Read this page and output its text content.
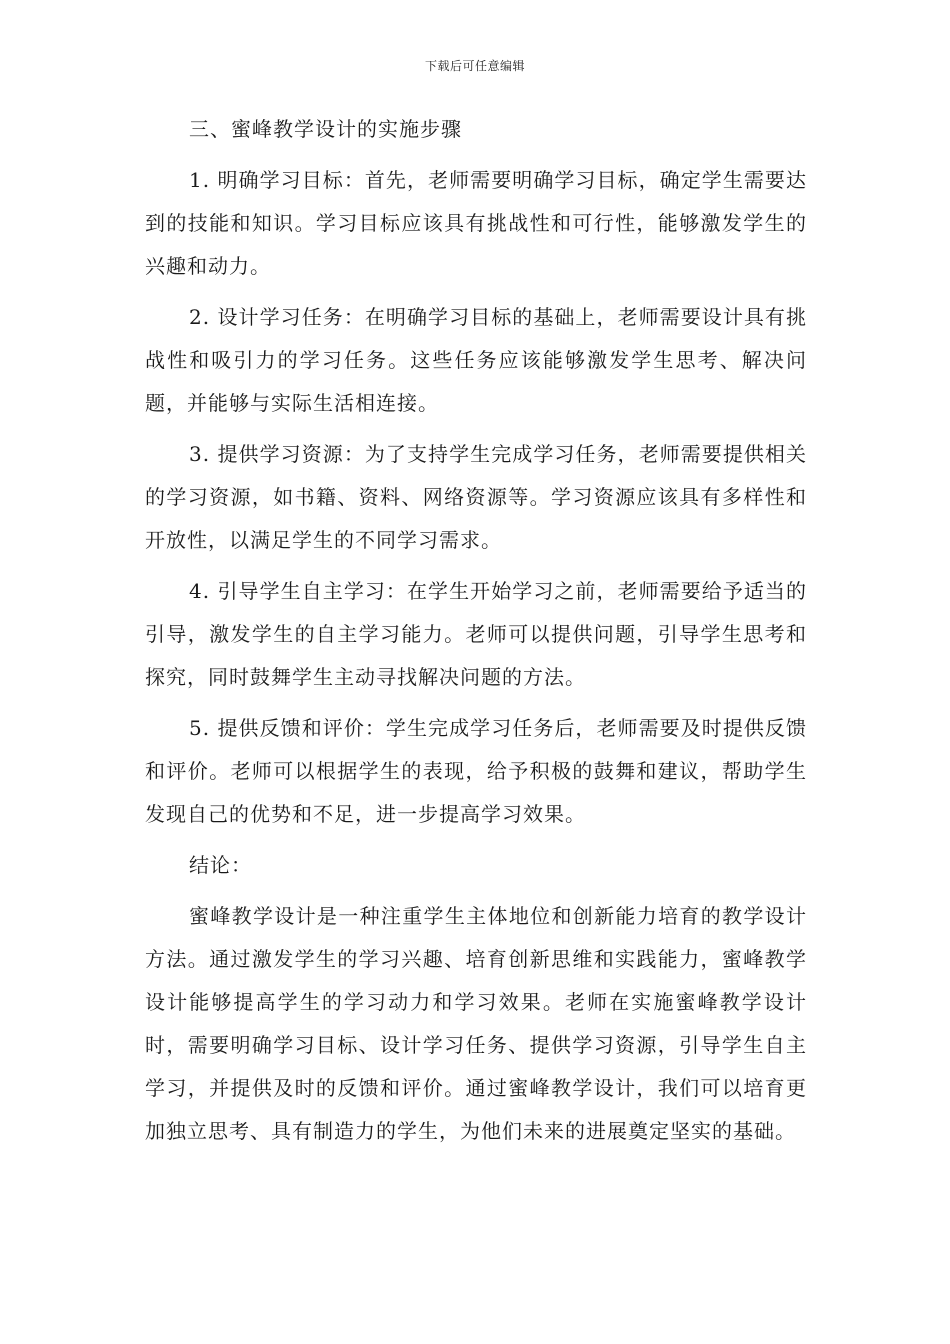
下载后可任意编辑

三、蜜峰教学设计的实施步骤

1. 明确学习目标：首先，老师需要明确学习目标，确定学生需要达到的技能和知识。学习目标应该具有挑战性和可行性，能够激发学生的兴趣和动力。

2. 设计学习任务：在明确学习目标的基础上，老师需要设计具有挑战性和吸引力的学习任务。这些任务应该能够激发学生思考、解决问题，并能够与实际生活相连接。

3. 提供学习资源：为了支持学生完成学习任务，老师需要提供相关的学习资源，如书籍、资料、网络资源等。学习资源应该具有多样性和开放性，以满足学生的不同学习需求。

4. 引导学生自主学习：在学生开始学习之前，老师需要给予适当的引导，激发学生的自主学习能力。老师可以提供问题，引导学生思考和探究，同时鼓舞学生主动寻找解决问题的方法。

5. 提供反馈和评价：学生完成学习任务后，老师需要及时提供反馈和评价。老师可以根据学生的表现，给予积极的鼓舞和建议，帮助学生发现自己的优势和不足，进一步提高学习效果。

结论：

蜜峰教学设计是一种注重学生主体地位和创新能力培育的教学设计方法。通过激发学生的学习兴趣、培育创新思维和实践能力，蜜峰教学设计能够提高学生的学习动力和学习效果。老师在实施蜜峰教学设计时，需要明确学习目标、设计学习任务、提供学习资源，引导学生自主学习，并提供及时的反馈和评价。通过蜜峰教学设计，我们可以培育更加独立思考、具有制造力的学生，为他们未来的进展奠定坚实的基础。
